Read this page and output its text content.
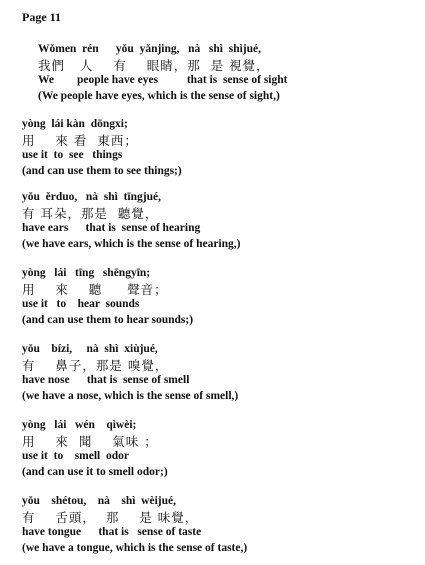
Page 11
Wǒmen  rén      yǒu  yǎnjing,   nà   shì  shìjué,
我們   人    有    眼睛，那  是 視覺，
We        people have eyes          that is  sense of sight
(We people have eyes, which is the sense of sight,)
yòng  lái kàn  dōngxi;
用    來 看  東西；
use it  to  see   things
(and can use them to see things;)
yǒu  ěrduo,   nà  shì  tīngjué,
有 耳朵，那是  聽覺，
have ears      that is  sense of hearing
(we have ears, which is the sense of hearing,)
yòng   lái   tīng   shēngyīn;
用    來    聽     聲音；
use it   to    hear  sounds
(and can use them to hear sounds;)
yǒu    bízi,     nà  shì  xiùjué,
有    鼻子，那是 嗅覺，
have nose      that is  sense of smell
(we have a nose, which is the sense of smell,)
yòng   lái   wén    qìwèi;
用    來  聞    氣味 ；
use it  to    smell  odor
(and can use it to smell odor;)
yǒu    shétou,    nà    shì  wèijué,
有    舌頭，  那    是 味覺，
have tongue      that is   sense of taste
(we have a tongue, which is the sense of taste,)
